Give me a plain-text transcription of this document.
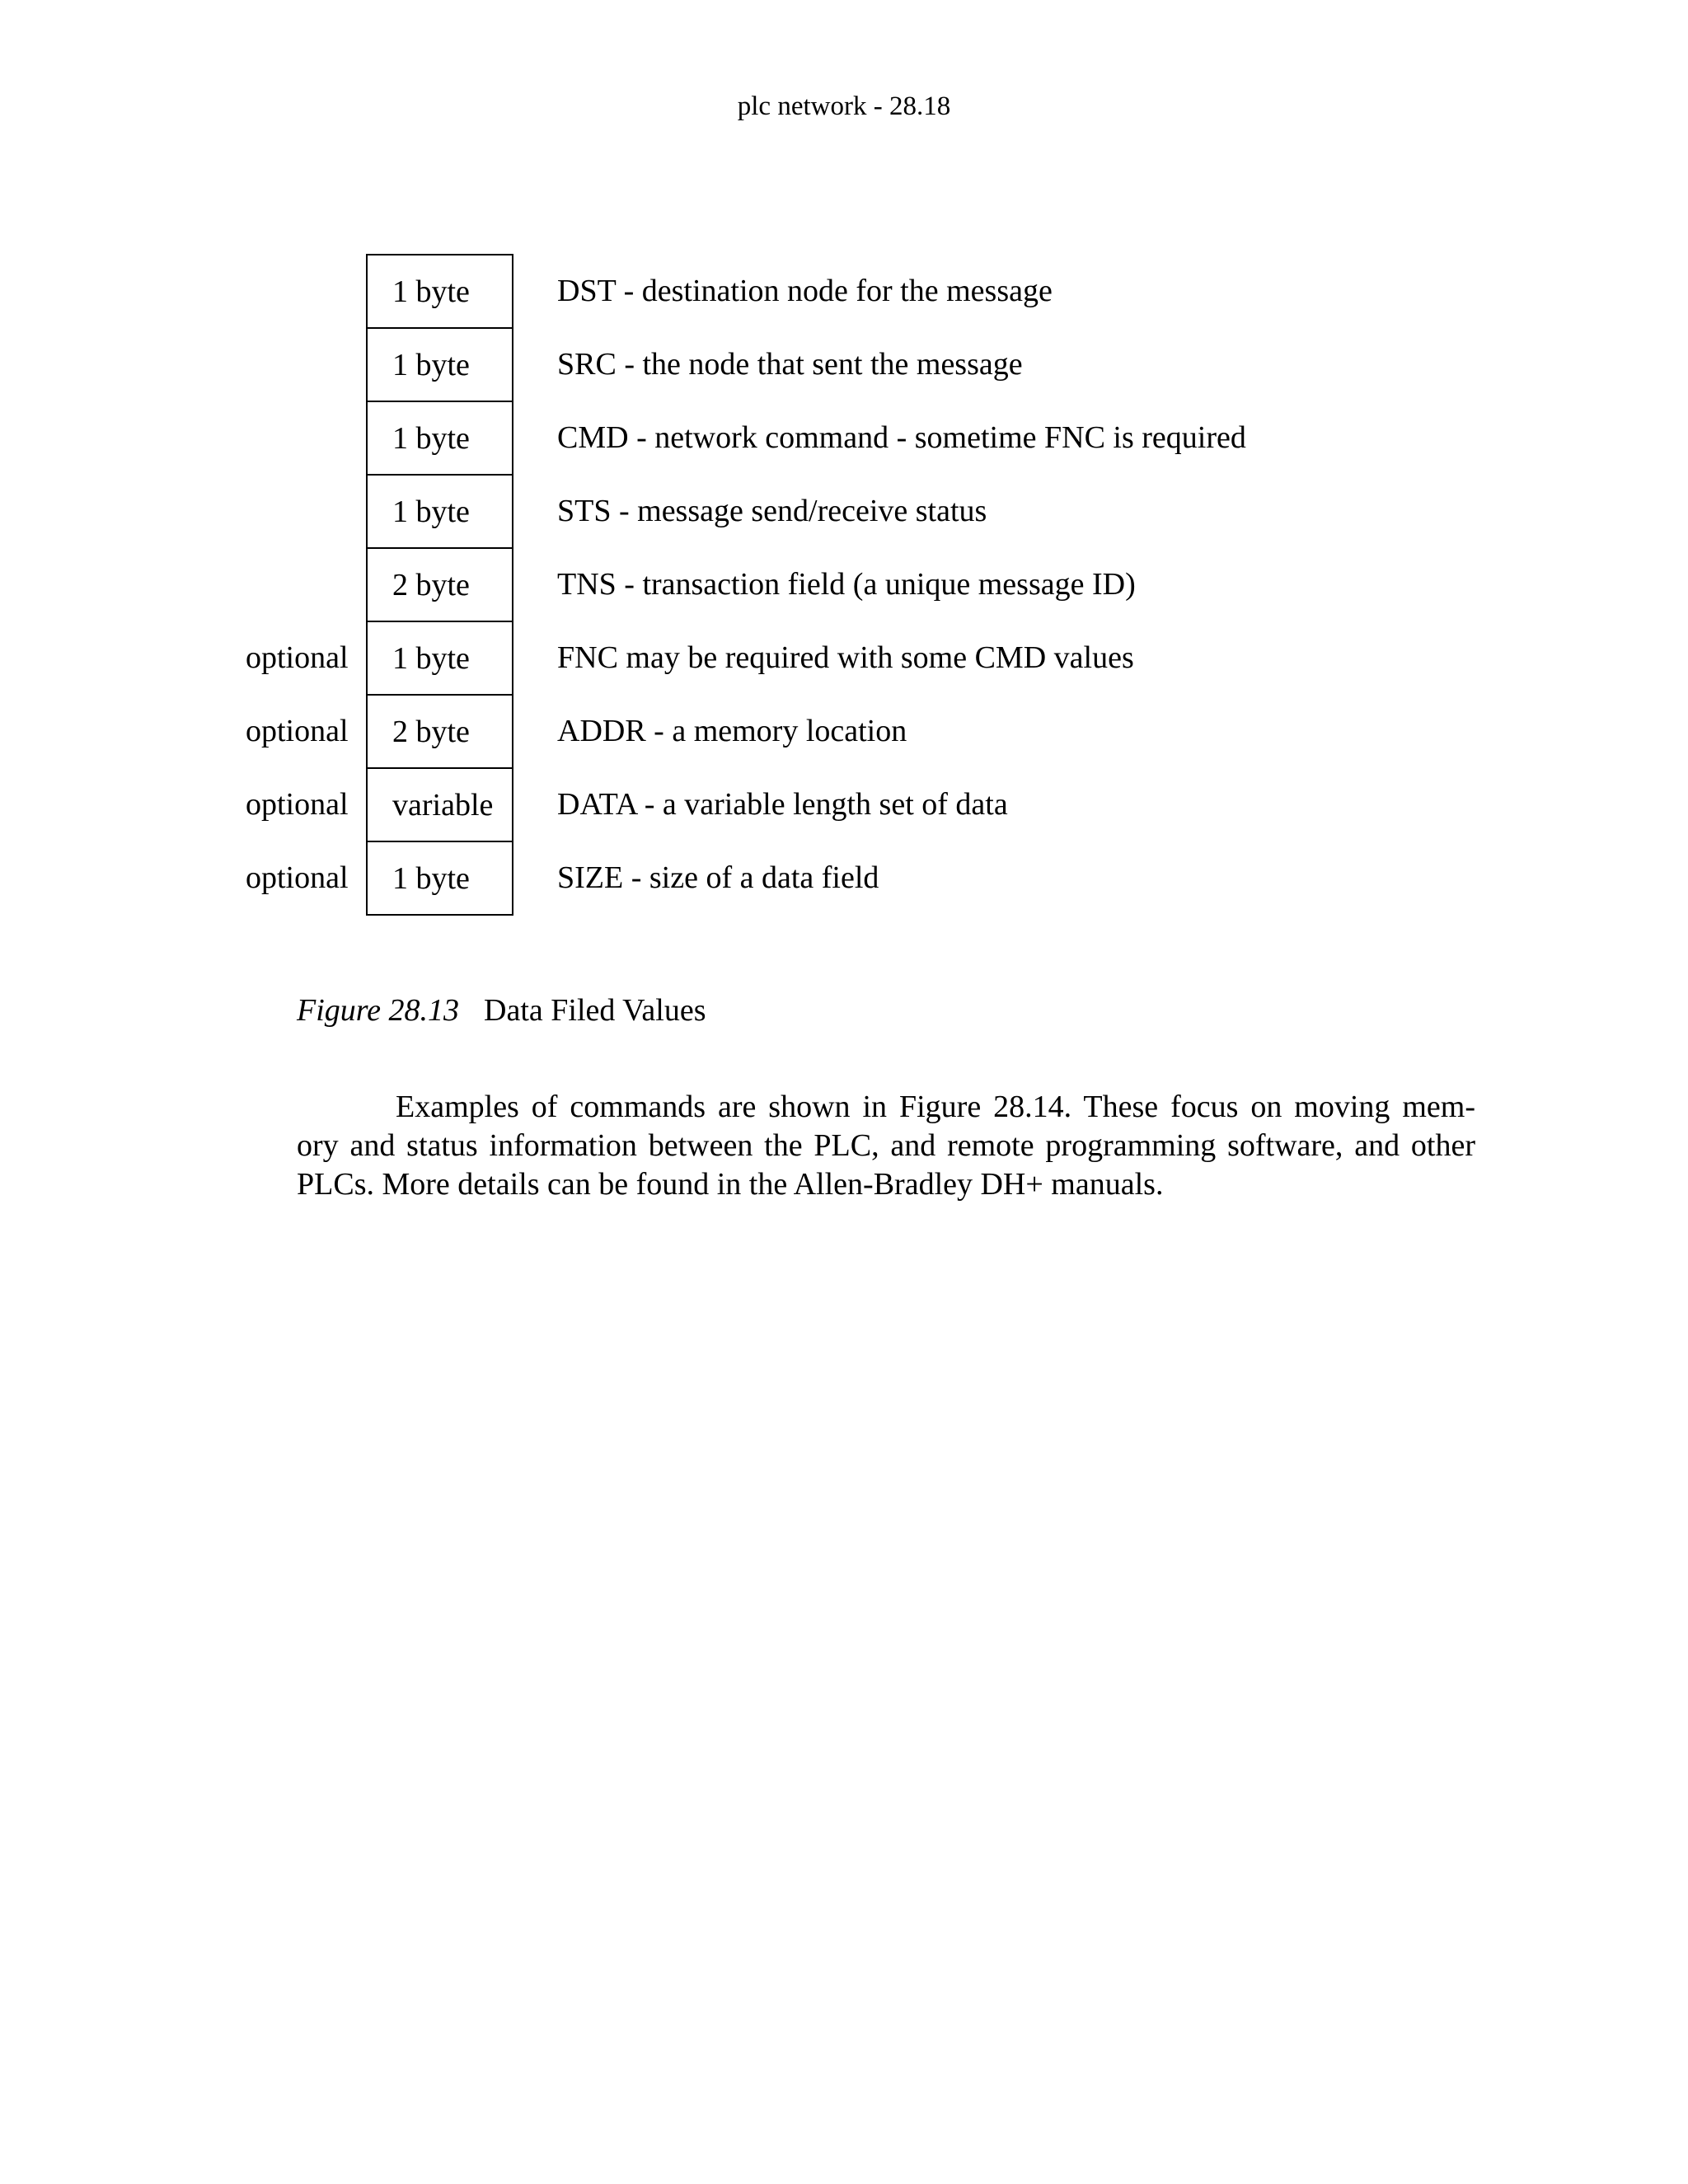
plc network - 28.18
1 byte	DST - destination node for the message
1 byte	SRC - the node that sent the message
1 byte	CMD - network command - sometime FNC is required
1 byte	STS - message send/receive status
2 byte	TNS - transaction field (a unique message ID)
optional	1 byte	FNC may be required with some CMD values
optional	2 byte	ADDR - a memory location
optional	variable	DATA - a variable length set of data
optional	1 byte	SIZE - size of a data field
Figure 28.13 Data Filed Values
Examples of commands are shown in Figure 28.14. These focus on moving mem-
ory and status information between the PLC, and remote programming software, and other
PLCs. More details can be found in the Allen-Bradley DH+ manuals.
